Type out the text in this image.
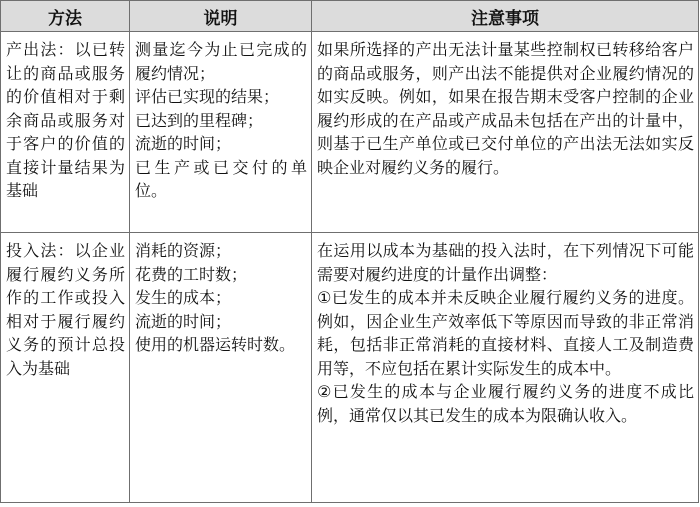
方法	说明	注意事项
产出法：以已转让的商品或服务的价值相对于剩余商品或服务对于客户的价值的直接计量结果为基础	测量迄今为止已完成的履约情况；
评估已实现的结果；
已达到的里程碑；
流逝的时间；
已生产或已交付的单位。	如果所选择的产出无法计量某些控制权已转移给客户的商品或服务，则产出法不能提供对企业履约情况的如实反映。例如，如果在报告期末受客户控制的企业履约形成的在产品或产成品未包括在产出的计量中，则基于已生产单位或已交付单位的产出法无法如实反映企业对履约义务的履行。

投入法：以企业履行履约义务所作的工作或投入相对于履行履约义务的预计总投入为基础	消耗的资源；
花费的工时数；
发生的成本；
流逝的时间；
使用的机器运转时数。	在运用以成本为基础的投入法时，在下列情况下可能需要对履约进度的计量作出调整：
①已发生的成本并未反映企业履行履约义务的进度。例如，因企业生产效率低下等原因而导致的非正常消耗，包括非正常消耗的直接材料、直接人工及制造费用等，不应包括在累计实际发生的成本中。
②已发生的成本与企业履行履约义务的进度不成比例，通常仅以其已发生的成本为限确认收入。
